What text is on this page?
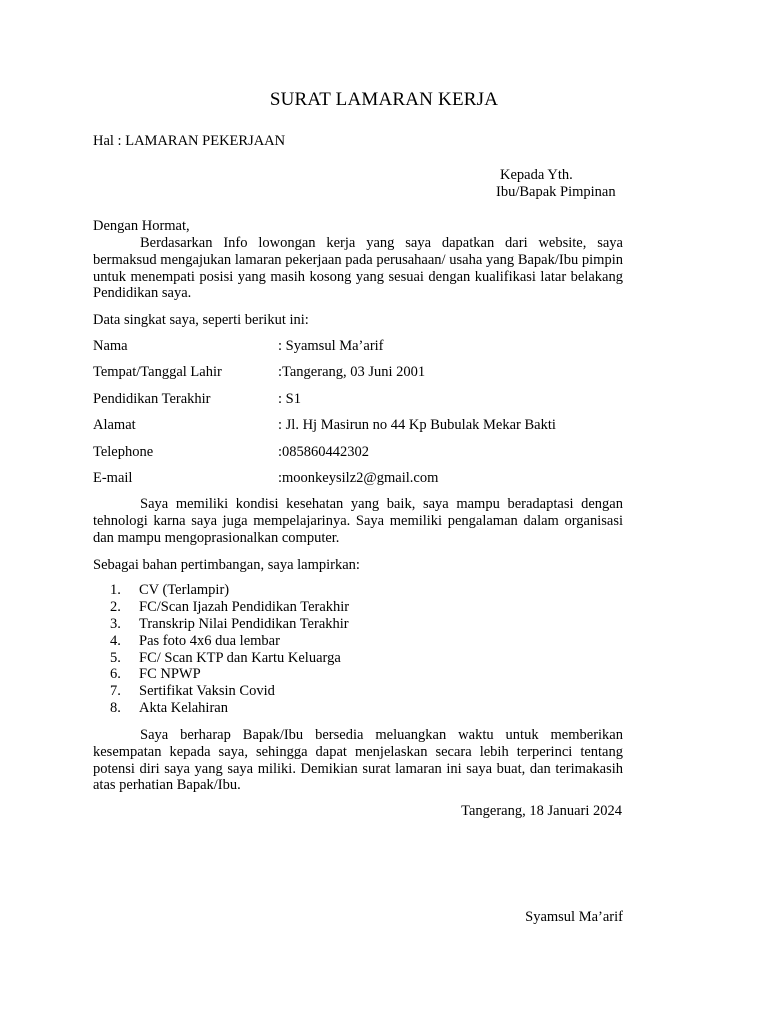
SURAT LAMARAN KERJA
Hal : LAMARAN PEKERJAAN
Kepada Yth.
Ibu/Bapak Pimpinan
Dengan Hormat,

Berdasarkan Info lowongan kerja yang saya dapatkan dari website, saya bermaksud mengajukan lamaran pekerjaan pada perusahaan/ usaha yang Bapak/Ibu pimpin untuk menempati posisi yang masih kosong yang sesuai dengan kualifikasi latar belakang Pendidikan saya.

Data singkat saya, seperti berikut ini:
Nama	: Syamsul Ma’arif
Tempat/Tanggal Lahir	:Tangerang, 03 Juni 2001
Pendidikan Terakhir	: S1
Alamat	: Jl. Hj Masirun no 44 Kp Bubulak Mekar Bakti
Telephone	:085860442302
E-mail	:moonkeysilz2@gmail.com

Saya memiliki kondisi kesehatan yang baik, saya mampu beradaptasi dengan tehnologi karna saya juga mempelajarinya. Saya memiliki pengalaman dalam organisasi dan mampu mengoprasionalkan computer.

Sebagai bahan pertimbangan, saya lampirkan:
1. CV (Terlampir)
2. FC/Scan Ijazah Pendidikan Terakhir
3. Transkrip Nilai Pendidikan Terakhir
4. Pas foto 4x6 dua lembar
5. FC/ Scan KTP dan Kartu Keluarga
6. FC NPWP
7. Sertifikat Vaksin Covid
8. Akta Kelahiran

Saya berharap Bapak/Ibu bersedia meluangkan waktu untuk memberikan kesempatan kepada saya, sehingga dapat menjelaskan secara lebih terperinci tentang potensi diri saya yang saya miliki. Demikian surat lamaran ini saya buat, dan terimakasih atas perhatian Bapak/Ibu.

Tangerang, 18 Januari 2024
Syamsul Ma’arif
